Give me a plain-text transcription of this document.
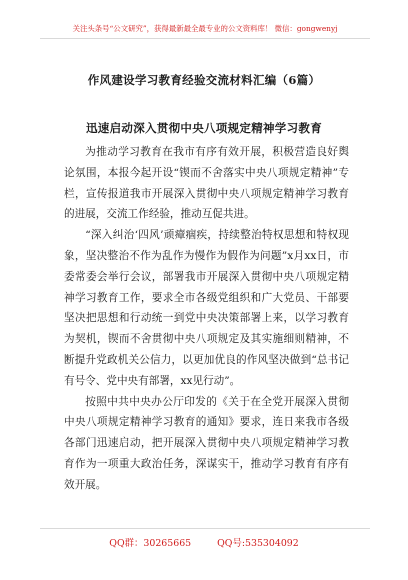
关注头条号“公文研究”，获得最新最全最专业的公文资料库！ 微信：gongwenyj
作风建设学习教育经验交流材料汇编（6篇）
迅速启动深入贯彻中央八项规定精神学习教育

为推动学习教育在我市有序有效开展，积极营造良好舆论氛围，本报今起开设“锲而不舍落实中央八项规定精神”专栏，宣传报道我市开展深入贯彻中央八项规定精神学习教育的进展，交流工作经验，推动互促共进。

“深入纠治‘四风’顽瘴痼疾，持续整治特权思想和特权现象，坚决整治不作为乱作为慢作为假作为问题”x月xx日，市委常委会举行会议，部署我市开展深入贯彻中央八项规定精神学习教育工作，要求全市各级党组织和广大党员、干部要坚决把思想和行动统一到党中央决策部署上来，以学习教育为契机，锲而不舍贯彻中央八项规定及其实施细则精神，不断提升党政机关公信力，以更加优良的作风坚决做到“总书记有号令、党中央有部署，xx见行动”。

按照中共中央办公厅印发的《关于在全党开展深入贯彻中央八项规定精神学习教育的通知》要求，连日来我市各级各部门迅速启动，把开展深入贯彻中央八项规定精神学习教育作为一项重大政治任务，深谋实干，推动学习教育有序有效开展。

QQ群：30265665	QQ号:535304092
